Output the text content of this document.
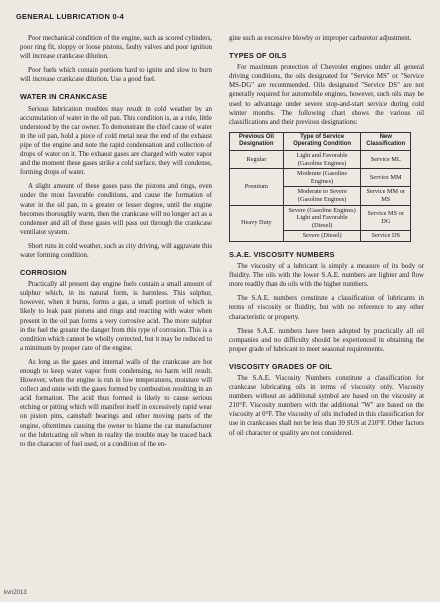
GENERAL LUBRICATION 0-4

Poor mechanical condition of the engine, such as scored cylinders, poor ring fit, sloppy or loose pistons, faulty valves and poor ignition will increase crankcase dilution.

Poor fuels which contain portions hard to ignite and slow to burn will increase crankcase dilution. Use a good fuel.

WATER IN CRANKCASE

Serious lubrication troubles may result in cold weather by an accumulation of water in the oil pan. This condition is, as a rule, little understood by the car owner. To demonstrate the chief cause of water in the oil pan, hold a piece of cold metal near the end of the exhaust pipe of the engine and note the rapid condensation and collection of drops of water on it. The exhaust gases are charged with water vapor and the moment these gases strike a cold surface, they will condense, forming drops of water.

A slight amount of these gases pass the pistons and rings, even under the most favorable conditions, and cause the formation of water in the oil pan, in a greater or lesser degree, until the engine becomes thoroughly warm, then the crankcase will no longer act as a condenser and all of these gases will pass out through the crankcase ventilator system.

Short runs in cold weather, such as city driving, will aggravate this water forming condition.

CORROSION

Practically all present day engine fuels contain a small amount of sulphur which, in its natural form, is harmless. This sulphur, however, when it burns, forms a gas, a small portion of which is likely to leak past pistons and rings and reacting with water when present in the oil pan forms a very corrosive acid. The more sulphur in the fuel the greater the danger from this type of corrosion. This is a condition which cannot be wholly corrected, but it may be reduced to a minimum by proper care of the engine.

As long as the gases and internal walls of the crankcase are hot enough to keep water vapor from condensing, no harm will result. However, when the engine is run in low temperatures, moisture will collect and unite with the gases formed by combustion resulting in an acid formation. The acid thus formed is likely to cause serious etching or pitting which will manifest itself in excessively rapid wear on piston pins, camshaft bearings and other moving parts of the engine, oftentimes causing the owner to blame the car manufacturer or the lubricating oil when in reality the trouble may be traced back to the character of fuel used, or a condition of the en-

gine such as excessive blowby or improper carburetor adjustment.

TYPES OF OILS

For maximum protection of Chevrolet engines under all general driving conditions, the oils designated for "Service MS" or "Service MS-DG" are recommended. Oils designated "Service DS" are not generally required for automobile engines, however, such oils may be used to advantage under severe stop-and-start service during cold winter months. The following chart shows the various oil classifications and their previous designations:

Previous Oil Designation	Type of Service Operating Condition	New Classification
Regular	Light and Favorable (Gasoline Engines)	Service ML
Premium	Moderate (Gasoline Engines)	Service MM
	Moderate to Severe (Gasoline Engines)	Service MM or MS
Heavy Duty	Severe (Gasoline Engines) Light and Favorable (Diesel)	Service MS or DG
	Severe (Diesel)	Service DS
S.A.E. VISCOSITY NUMBERS

The viscosity of a lubricant is simply a measure of its body or fluidity. The oils with the lower S.A.E. numbers are lighter and flow more readily than do oils with the higher numbers.

The S.A.E. numbers constitute a classification of lubricants in terms of viscosity or fluidity, but with no reference to any other characteristic or property.

These S.A.E. numbers have been adopted by practically all oil companies and no difficulty should be experienced in obtaining the proper grade of lubricant to meet seasonal requirements.

VISCOSITY GRADES OF OIL

The S.A.E. Viscosity Numbers constitute a classification for crankcase lubricating oils in terms of viscosity only. Viscosity numbers without an additional symbol are based on the viscosity at 210°F. Viscosity numbers with the additional "W" are based on the viscosity at 0°F. The viscosity of oils included in this classification for use in crankcases shall not be less than 39 SUS at 210°F. Other factors of oil character or quality are not considered.

kvn2013
